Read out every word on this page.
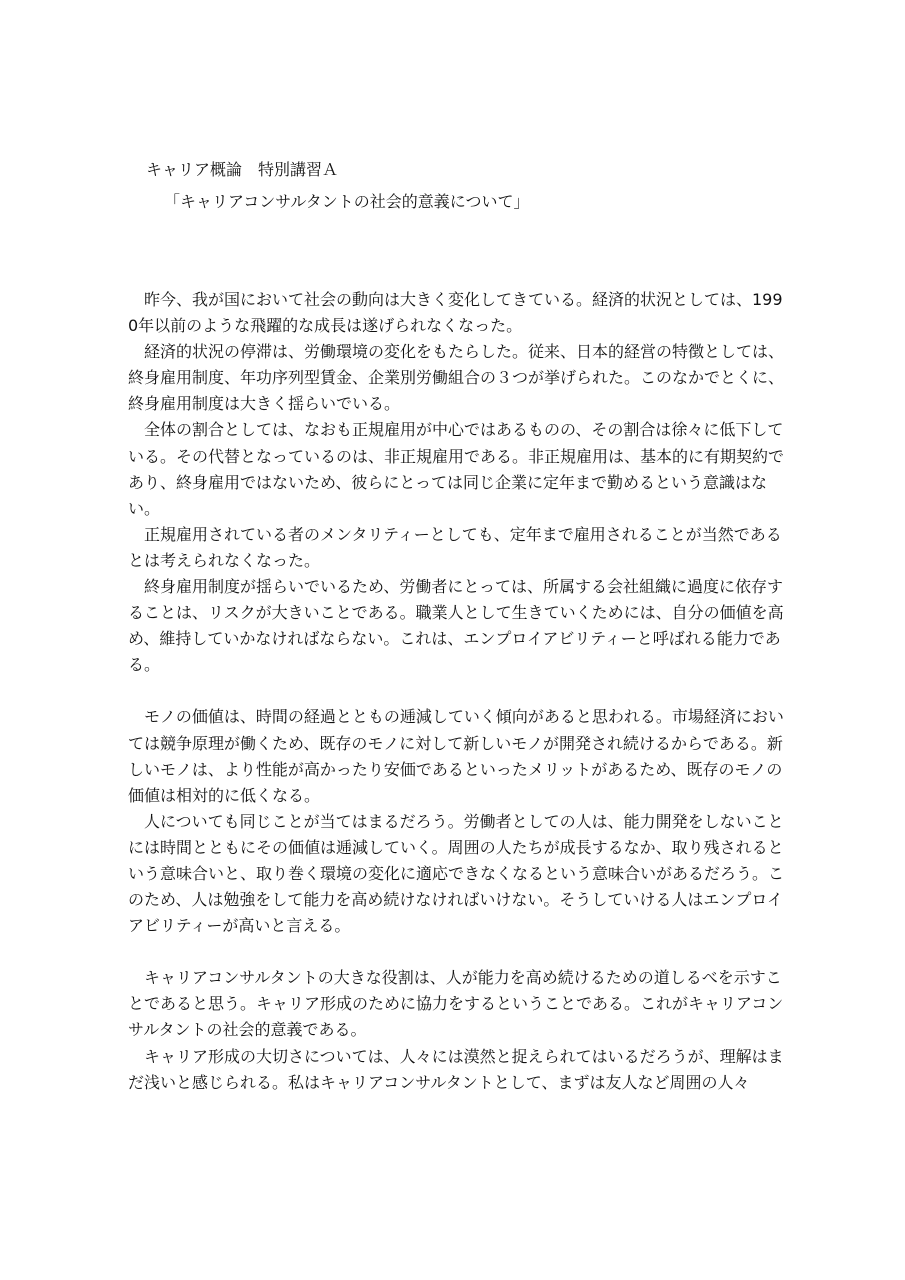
キャリア概論　特別講習Ａ
「キャリアコンサルタントの社会的意義について」

昨今、我が国において社会の動向は大きく変化してきている。経済的状況としては、1990年以前のような飛躍的な成長は遂げられなくなった。

経済的状況の停滞は、労働環境の変化をもたらした。従来、日本的経営の特徴としては、終身雇用制度、年功序列型賃金、企業別労働組合の３つが挙げられた。このなかでとくに、終身雇用制度は大きく揺らいでいる。

全体の割合としては、なおも正規雇用が中心ではあるものの、その割合は徐々に低下している。その代替となっているのは、非正規雇用である。非正規雇用は、基本的に有期契約であり、終身雇用ではないため、彼らにとっては同じ企業に定年まで勤めるという意識はない。

正規雇用されている者のメンタリティーとしても、定年まで雇用されることが当然であるとは考えられなくなった。

終身雇用制度が揺らいでいるため、労働者にとっては、所属する会社組織に過度に依存することは、リスクが大きいことである。職業人として生きていくためには、自分の価値を高め、維持していかなければならない。これは、エンプロイアビリティーと呼ばれる能力である。

モノの価値は、時間の経過とともの逓減していく傾向があると思われる。市場経済においては競争原理が働くため、既存のモノに対して新しいモノが開発され続けるからである。新しいモノは、より性能が高かったり安価であるといったメリットがあるため、既存のモノの価値は相対的に低くなる。

人についても同じことが当てはまるだろう。労働者としての人は、能力開発をしないことには時間とともにその価値は逓減していく。周囲の人たちが成長するなか、取り残されるという意味合いと、取り巻く環境の変化に適応できなくなるという意味合いがあるだろう。このため、人は勉強をして能力を高め続けなければいけない。そうしていける人はエンプロイアビリティーが高いと言える。

キャリアコンサルタントの大きな役割は、人が能力を高め続けるための道しるべを示すことであると思う。キャリア形成のために協力をするということである。これがキャリアコンサルタントの社会的意義である。

キャリア形成の大切さについては、人々には漠然と捉えられてはいるだろうが、理解はまだ浅いと感じられる。私はキャリアコンサルタントとして、まずは友人など周囲の人々
